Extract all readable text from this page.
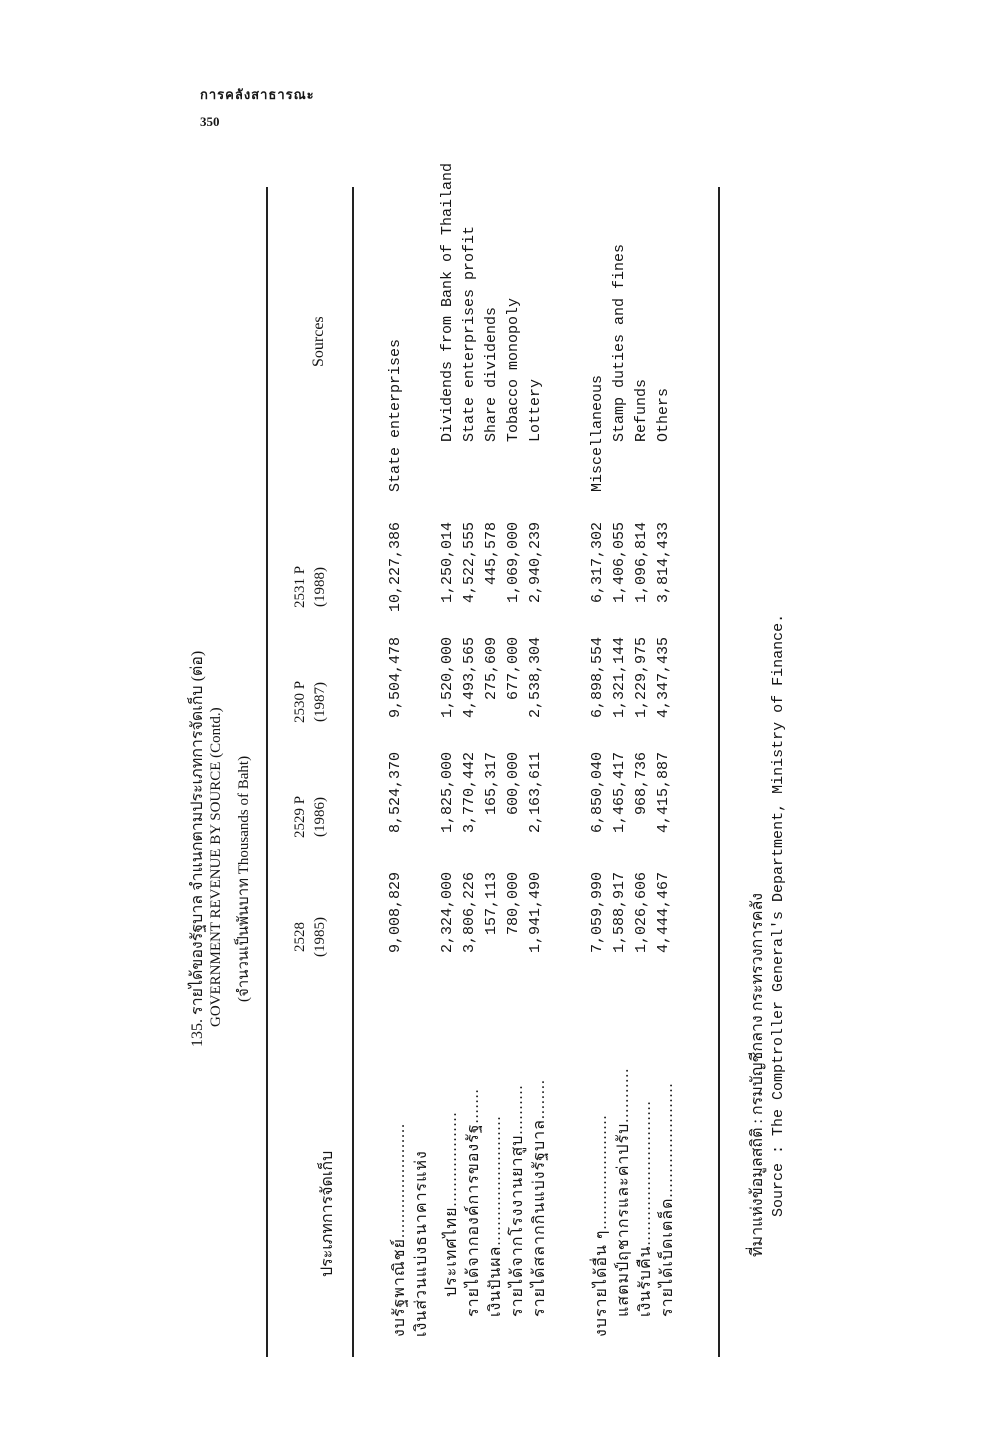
การคลังสาธารณะ
350
135. รายได้ของรัฐบาล จำแนกตามประเภทการจัดเก็บ (ต่อ) GOVERNMENT REVENUE BY SOURCE (Contd.) (จำนวนเป็นพันบาท Thousands of Baht)
ประเภทการจัดเก็บ
2528 (1985)
2529 P (1986)
2530 P (1987)
2531 P (1988)
Sources
งบรัฐพาณิชย์.......................
9,008,829
8,524,370
9,504,478
10,227,386
State enterprises
เงินส่วนแบ่งธนาคารแห่ง ประเทศไทย...................
2,324,000
1,825,000
1,520,000
1,250,014
Dividends from Bank of Thailand
รายได้จากองค์การของรัฐ.......
3,806,226
3,770,442
4,493,565
4,522,555
State enterprises profit
เงินปันผล..........................
157,113
165,317
275,609
445,578
Share dividends
รายได้จากโรงงานยาสูบ..........
780,000
600,000
677,000
1,069,000
Tobacco monopoly
รายได้สลากกินแบ่งรัฐบาล........
1,941,490
2,163,611
2,538,304
2,940,239
Lottery
งบรายได้อื่น ๆ.......................
7,059,990
6,850,040
6,898,554
6,317,302
Miscellaneous
แสตมป์ฤชากรและค่าปรับ...........
1,588,917
1,465,417
1,321,144
1,406,055
Stamp duties and fines
เงินรับคืน.............................
1,026,606
968,736
1,229,975
1,096,814
Refunds
รายได้เบ็ดเตล็ด.......................
4,444,467
4,415,887
4,347,435
3,814,433
Others
ที่มาแห่งข้อมูลสถิติ : กรมบัญชีกลาง กระทรวงการคลัง Source : The Comptroller General's Department, Ministry of Finance.
